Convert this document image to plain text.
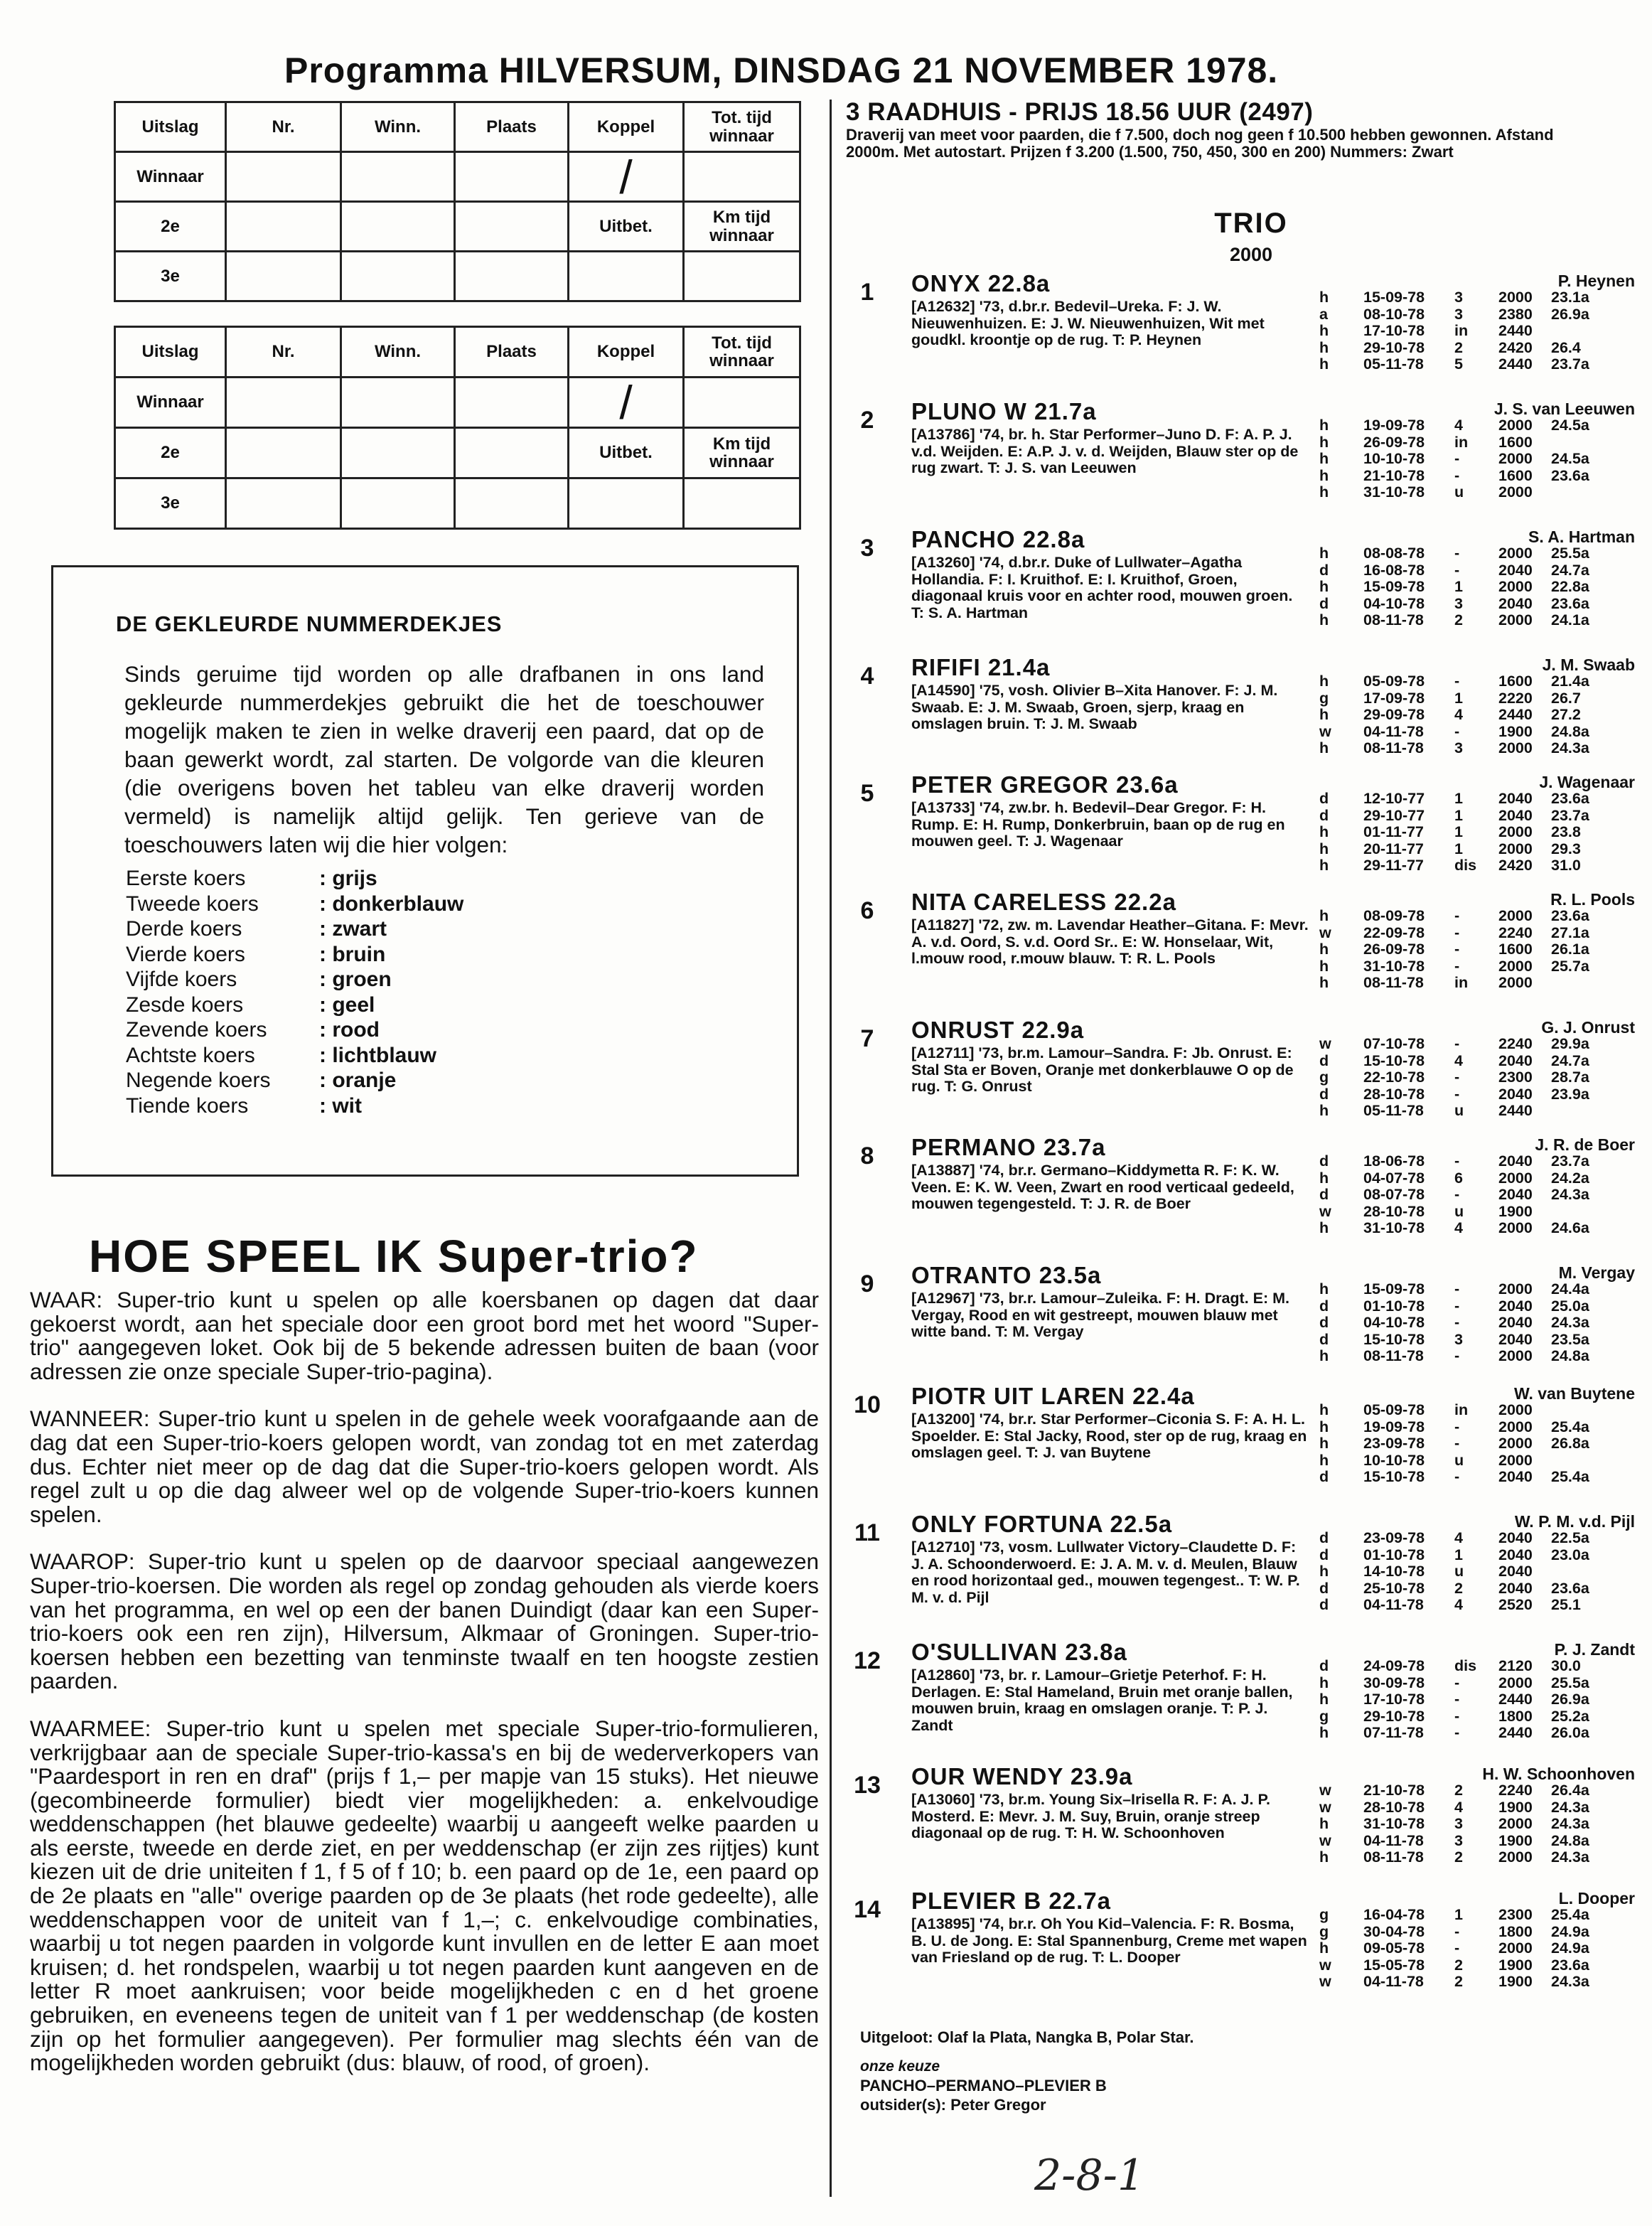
Programma HILVERSUM, DINSDAG 21 NOVEMBER 1978.
Uitslag	Nr.	Winn.	Plaats	Koppel	Tot. tijd winnaar
Winnaar				/	
2e				Uitbet.	Km tijd winnaar
3e					
Uitslag	Nr.	Winn.	Plaats	Koppel	Tot. tijd winnaar
Winnaar				/	
2e				Uitbet.	Km tijd winnaar
3e					
DE GEKLEURDE NUMMERDEKJES
Sinds geruime tijd worden op alle drafbanen in ons land gekleurde nummerdekjes gebruikt die het de toeschouwer mogelijk maken te zien in welke draverij een paard, dat op de baan gewerkt wordt, zal starten. De volgorde van die kleuren (die overigens boven het tableu van elke draverij worden vermeld) is namelijk altijd gelijk. Ten gerieve van de toeschouwers laten wij die hier volgen:
Eerste koers	: grijs
Tweede koers	: donkerblauw
Derde koers	: zwart
Vierde koers	: bruin
Vijfde koers	: groen
Zesde koers	: geel
Zevende koers	: rood
Achtste koers	: lichtblauw
Negende koers	: oranje
Tiende koers	: wit
HOE SPEEL IK Super-trio?

WAAR: Super-trio kunt u spelen op alle koersbanen op dagen dat daar gekoerst wordt, aan het speciale door een groot bord met het woord "Super-trio" aangegeven loket. Ook bij de 5 bekende adressen buiten de baan (voor adressen zie onze speciale Super-trio-pagina).

WANNEER: Super-trio kunt u spelen in de gehele week voorafgaande aan de dag dat een Super-trio-koers gelopen wordt, van zondag tot en met zaterdag dus. Echter niet meer op de dag dat die Super-trio-koers gelopen wordt. Als regel zult u op die dag alweer wel op de volgende Super-trio-koers kunnen spelen.

WAAROP: Super-trio kunt u spelen op de daarvoor speciaal aangewezen Super-trio-koersen. Die worden als regel op zondag gehouden als vierde koers van het programma, en wel op een der banen Duindigt (daar kan een Super-trio-koers ook een ren zijn), Hilversum, Alkmaar of Groningen. Super-trio-koersen hebben een bezetting van tenminste twaalf en ten hoogste zestien paarden.

WAARMEE: Super-trio kunt u spelen met speciale Super-trio-formulieren, verkrijgbaar aan de speciale Super-trio-kassa's en bij de wederverkopers van "Paardesport in ren en draf" (prijs f 1,– per mapje van 15 stuks). Het nieuwe (gecombineerde formulier) biedt vier mogelijkheden: a. enkelvoudige weddenschappen (het blauwe gedeelte) waarbij u aangeeft welke paarden u als eerste, tweede en derde ziet, en per weddenschap (er zijn zes rijtjes) kunt kiezen uit de drie uniteiten f 1, f 5 of f 10; b. een paard op de 1e, een paard op de 2e plaats en "alle" overige paarden op de 3e plaats (het rode gedeelte), alle weddenschappen voor de uniteit van f 1,–; c. enkelvoudige combinaties, waarbij u tot negen paarden in volgorde kunt invullen en de letter E aan moet kruisen; d. het rondspelen, waarbij u tot negen paarden kunt aangeven en de letter R moet aankruisen; voor beide mogelijkheden c en d het groene gebruiken, en eveneens tegen de uniteit van f 1 per weddenschap (de kosten zijn op het formulier aangegeven). Per formulier mag slechts één van de mogelijkheden worden gebruikt (dus: blauw, of rood, of groen).

3 RAADHUIS - PRIJS 18.56 UUR (2497)
Draverij van meet voor paarden, die f 7.500, doch nog geen f 10.500 hebben gewonnen. Afstand 2000m. Met autostart. Prijzen f 3.200 (1.500, 750, 450, 300 en 200) Nummers: Zwart
TRIO
2000
1	ONYX 22.8a	P. Heynen
[A12632] '73, d.br.r. Bedevil–Ureka. F: J. W. Nieuwenhuizen. E: J. W. Nieuwenhuizen, Wit met goudkl. kroontje op de rug. T: P. Heynen
h	15-09-78	3	2000	23.1a
a	08-10-78	3	2380	26.9a
h	17-10-78	in	2440
h	29-10-78	2	2420	26.4
h	05-11-78	5	2440	23.7a
2	PLUNO W 21.7a	J. S. van Leeuwen
[A13786] '74, br. h. Star Performer–Juno D. F: A. P. J. v.d. Weijden. E: A.P. J. v. d. Weijden, Blauw ster op de rug zwart. T: J. S. van Leeuwen
h	19-09-78	4	2000	24.5a
h	26-09-78	in	1600
h	10-10-78	-	2000	24.5a
h	21-10-78	-	1600	23.6a
h	31-10-78	u	2000
3	PANCHO 22.8a	S. A. Hartman
[A13260] '74, d.br.r. Duke of Lullwater–Agatha Hollandia. F: I. Kruithof. E: I. Kruithof, Groen, diagonaal kruis voor en achter rood, mouwen groen. T: S. A. Hartman
h	08-08-78	-	2000	25.5a
d	16-08-78	-	2040	24.7a
h	15-09-78	1	2000	22.8a
d	04-10-78	3	2040	23.6a
h	08-11-78	2	2000	24.1a
4	RIFIFI 21.4a	J. M. Swaab
[A14590] '75, vosh. Olivier B–Xita Hanover. F: J. M. Swaab. E: J. M. Swaab, Groen, sjerp, kraag en omslagen bruin. T: J. M. Swaab
h	05-09-78	-	1600	21.4a
g	17-09-78	1	2220	26.7
h	29-09-78	4	2440	27.2
w	04-11-78	-	1900	24.8a
h	08-11-78	3	2000	24.3a
5	PETER GREGOR 23.6a	J. Wagenaar
[A13733] '74, zw.br. h. Bedevil–Dear Gregor. F: H. Rump. E: H. Rump, Donkerbruin, baan op de rug en mouwen geel. T: J. Wagenaar
d	12-10-77	1	2040	23.6a
d	29-10-77	1	2040	23.7a
h	01-11-77	1	2000	23.8
h	20-11-77	1	2000	29.3
h	29-11-77	dis	2420	31.0
6	NITA CARELESS 22.2a	R. L. Pools
[A11827] '72, zw. m. Lavendar Heather–Gitana. F: Mevr. A. v.d. Oord, S. v.d. Oord Sr.. E: W. Honselaar, Wit, l.mouw rood, r.mouw blauw. T: R. L. Pools
h	08-09-78	-	2000	23.6a
w	22-09-78	-	2240	27.1a
h	26-09-78	-	1600	26.1a
h	31-10-78	-	2000	25.7a
h	08-11-78	in	2000
7	ONRUST 22.9a	G. J. Onrust
[A12711] '73, br.m. Lamour–Sandra. F: Jb. Onrust. E: Stal Sta er Boven, Oranje met donkerblauwe O op de rug. T: G. Onrust
w	07-10-78	-	2240	29.9a
d	15-10-78	4	2040	24.7a
g	22-10-78	-	2300	28.7a
d	28-10-78	-	2040	23.9a
h	05-11-78	u	2440
8	PERMANO 23.7a	J. R. de Boer
[A13887] '74, br.r. Germano–Kiddymetta R. F: K. W. Veen. E: K. W. Veen, Zwart en rood verticaal gedeeld, mouwen tegengesteld. T: J. R. de Boer
d	18-06-78	-	2040	23.7a
h	04-07-78	6	2000	24.2a
d	08-07-78	-	2040	24.3a
w	28-10-78	u	1900
h	31-10-78	4	2000	24.6a
9	OTRANTO 23.5a	M. Vergay
[A12967] '73, br.r. Lamour–Zuleika. F: H. Dragt. E: M. Vergay, Rood en wit gestreept, mouwen blauw met witte band. T: M. Vergay
h	15-09-78	-	2000	24.4a
d	01-10-78	-	2040	25.0a
d	04-10-78	-	2040	24.3a
d	15-10-78	3	2040	23.5a
h	08-11-78	-	2000	24.8a
10	PIOTR UIT LAREN 22.4a	W. van Buytene
[A13200] '74, br.r. Star Performer–Ciconia S. F: A. H. L. Spoelder. E: Stal Jacky, Rood, ster op de rug, kraag en omslagen geel. T: J. van Buytene
h	05-09-78	in	2000
h	19-09-78	-	2000	25.4a
h	23-09-78	-	2000	26.8a
h	10-10-78	u	2000
d	15-10-78	-	2040	25.4a
11	ONLY FORTUNA 22.5a	W. P. M. v.d. Pijl
[A12710] '73, vosm. Lullwater Victory–Claudette D. F: J. A. Schoonderwoerd. E: J. A. M. v. d. Meulen, Blauw en rood horizontaal ged., mouwen tegengest.. T: W. P. M. v. d. Pijl
d	23-09-78	4	2040	22.5a
d	01-10-78	1	2040	23.0a
h	14-10-78	u	2040
d	25-10-78	2	2040	23.6a
d	04-11-78	4	2520	25.1
12	O'SULLIVAN 23.8a	P. J. Zandt
[A12860] '73, br. r. Lamour–Grietje Peterhof. F: H. Derlagen. E: Stal Hameland, Bruin met oranje ballen, mouwen bruin, kraag en omslagen oranje. T: P. J. Zandt
d	24-09-78	dis	2120	30.0
h	30-09-78	-	2000	25.5a
h	17-10-78	-	2440	26.9a
g	29-10-78	-	1800	25.2a
h	07-11-78	-	2440	26.0a
13	OUR WENDY 23.9a	H. W. Schoonhoven
[A13060] '73, br.m. Young Six–Irisella R. F: A. J. P. Mosterd. E: Mevr. J. M. Suy, Bruin, oranje streep diagonaal op de rug. T: H. W. Schoonhoven
w	21-10-78	2	2240	26.4a
w	28-10-78	4	1900	24.3a
h	31-10-78	3	2000	24.3a
w	04-11-78	3	1900	24.8a
h	08-11-78	2	2000	24.3a
14	PLEVIER B 22.7a	L. Dooper
[A13895] '74, br.r. Oh You Kid–Valencia. F: R. Bosma, B. U. de Jong. E: Stal Spannenburg, Creme met wapen van Friesland op de rug. T: L. Dooper
g	16-04-78	1	2300	25.4a
g	30-04-78	-	1800	24.9a
h	09-05-78	-	2000	24.9a
w	15-05-78	2	1900	23.6a
w	04-11-78	2	1900	24.3a
Uitgeloot: Olaf la Plata, Nangka B, Polar Star.
onze keuze
PANCHO–PERMANO–PLEVIER B
outsider(s): Peter Gregor
2-8-1
